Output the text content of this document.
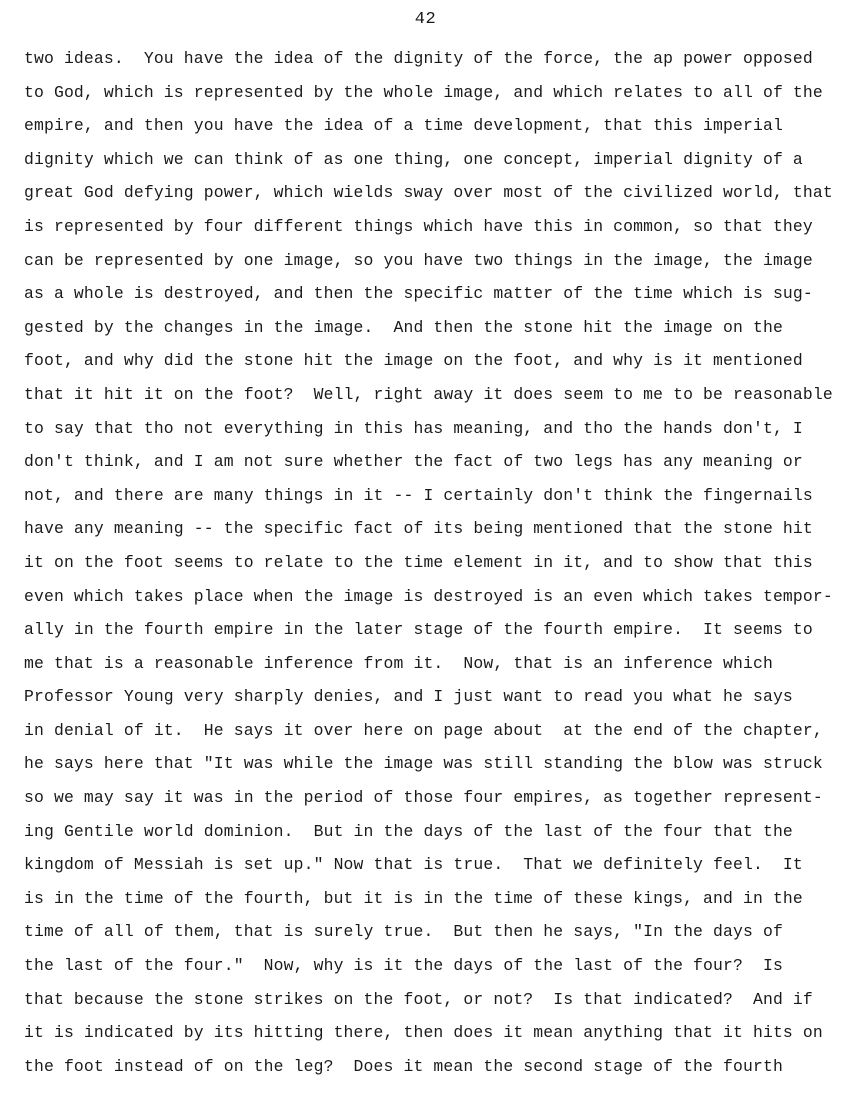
42
two ideas.  You have the idea of the dignity of the force, the ap power opposed
to God, which is represented by the whole image, and which relates to all of the
empire, and then you have the idea of a time development, that this imperial
dignity which we can think of as one thing, one concept, imperial dignity of a
great God defying power, which wields sway over most of the civilized world, that
is represented by four different things which have this in common, so that they
can be represented by one image, so you have two things in the image, the image
as a whole is destroyed, and then the specific matter of the time which is sug-
gested by the changes in the image.  And then the stone hit the image on the
foot, and why did the stone hit the image on the foot, and why is it mentioned
that it hit it on the foot?  Well, right away it does seem to me to be reasonable
to say that tho not everything in this has meaning, and tho the hands don't, I
don't think, and I am not sure whether the fact of two legs has any meaning or
not, and there are many things in it -- I certainly don't think the fingernails
have any meaning -- the specific fact of its being mentioned that the stone hit
it on the foot seems to relate to the time element in it, and to show that this
even which takes place when the image is destroyed is an even which takes tempor-
ally in the fourth empire in the later stage of the fourth empire.  It seems to
me that is a reasonable inference from it.  Now, that is an inference which
Professor Young very sharply denies, and I just want to read you what he says
in denial of it.  He says it over here on page about  at the end of the chapter,
he says here that "It was while the image was still standing the blow was struck
so we may say it was in the period of those four empires, as together represent-
ing Gentile world dominion.  But in the days of the last of the four that the
kingdom of Messiah is set up." Now that is true.  That we definitely feel.  It
is in the time of the fourth, but it is in the time of these kings, and in the
time of all of them, that is surely true.  But then he says, "In the days of
the last of the four."  Now, why is it the days of the last of the four?  Is
that because the stone strikes on the foot, or not?  Is that indicated?  And if
it is indicated by its hitting there, then does it mean anything that it hits on
the foot instead of on the leg?  Does it mean the second stage of the fourth
